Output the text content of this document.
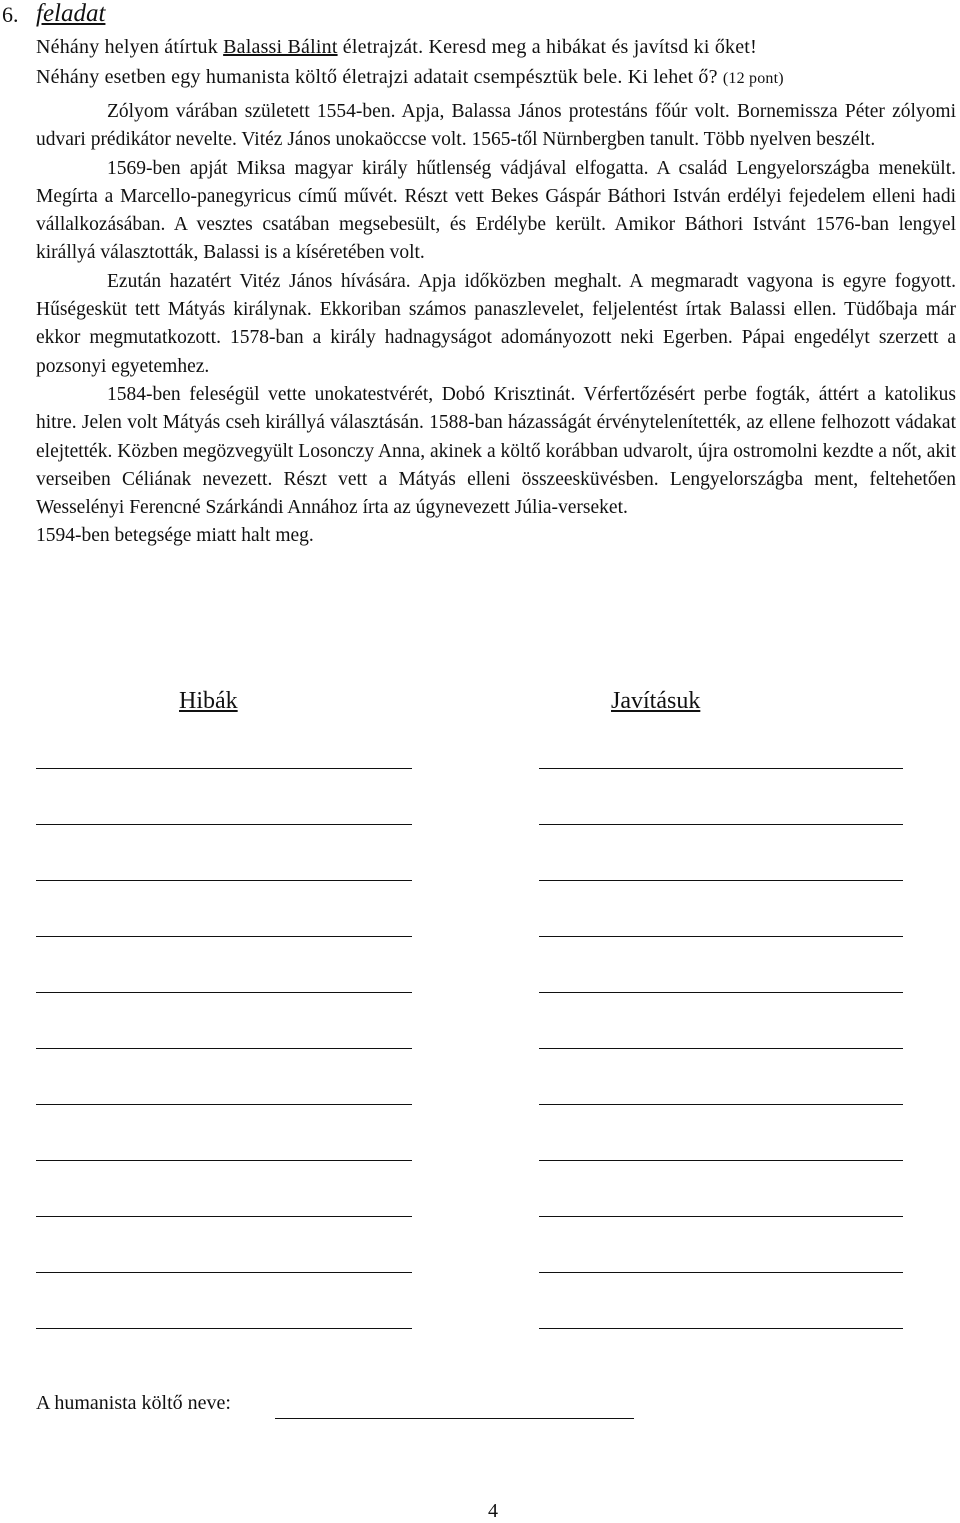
6. feladat
Néhány helyen átírtuk Balassi Bálint életrajzát. Keresd meg a hibákat és javítsd ki őket!
Néhány esetben egy humanista költő életrajzi adatait csempésztük bele. Ki lehet ő? (12 pont)

Zólyom várában született 1554-ben. Apja, Balassa János protestáns főúr volt. Bornemissza Péter zólyomi udvari prédikátor nevelte. Vitéz János unokaöccse volt. 1565-től Nürnbergben tanult. Több nyelven beszélt.

1569-ben apját Miksa magyar király hűtlenség vádjával elfogatta. A család Lengyelországba menekült. Megírta a Marcello-panegyricus című művét. Részt vett Bekes Gáspár Báthori István erdélyi fejedelem elleni hadi vállalkozásában. A vesztes csatában megsebesült, és Erdélybe került. Amikor Báthori Istvánt 1576-ban lengyel királlyá választották, Balassi is a kíséretében volt.

Ezután hazatért Vitéz János hívására. Apja időközben meghalt. A megmaradt vagyona is egyre fogyott. Hűségesküt tett Mátyás királynak. Ekkoriban számos panaszlevelet, feljelentést írtak Balassi ellen. Tüdőbaja már ekkor megmutatkozott. 1578-ban a király hadnagyságot adományozott neki Egerben. Pápai engedélyt szerzett a pozsonyi egyetemhez.

1584-ben feleségül vette unokatestvérét, Dobó Krisztinát. Vérfertőzésért perbe fogták, áttért a katolikus hitre. Jelen volt Mátyás cseh királlyá választásán. 1588-ban házasságát érvénytelenítették, az ellene felhozott vádakat elejtették. Közben megözvegyült Losonczy Anna, akinek a költő korábban udvarolt, újra ostromolni kezdte a nőt, akit verseiben Céliának nevezett. Részt vett a Mátyás elleni összeesküvésben. Lengyelországba ment, feltehetően Wesselényi Ferencné Szárkándi Annához írta az úgynevezett Júlia-verseket.

1594-ben betegsége miatt halt meg.

Hibák	Javításuk
A humanista költő neve:
4
